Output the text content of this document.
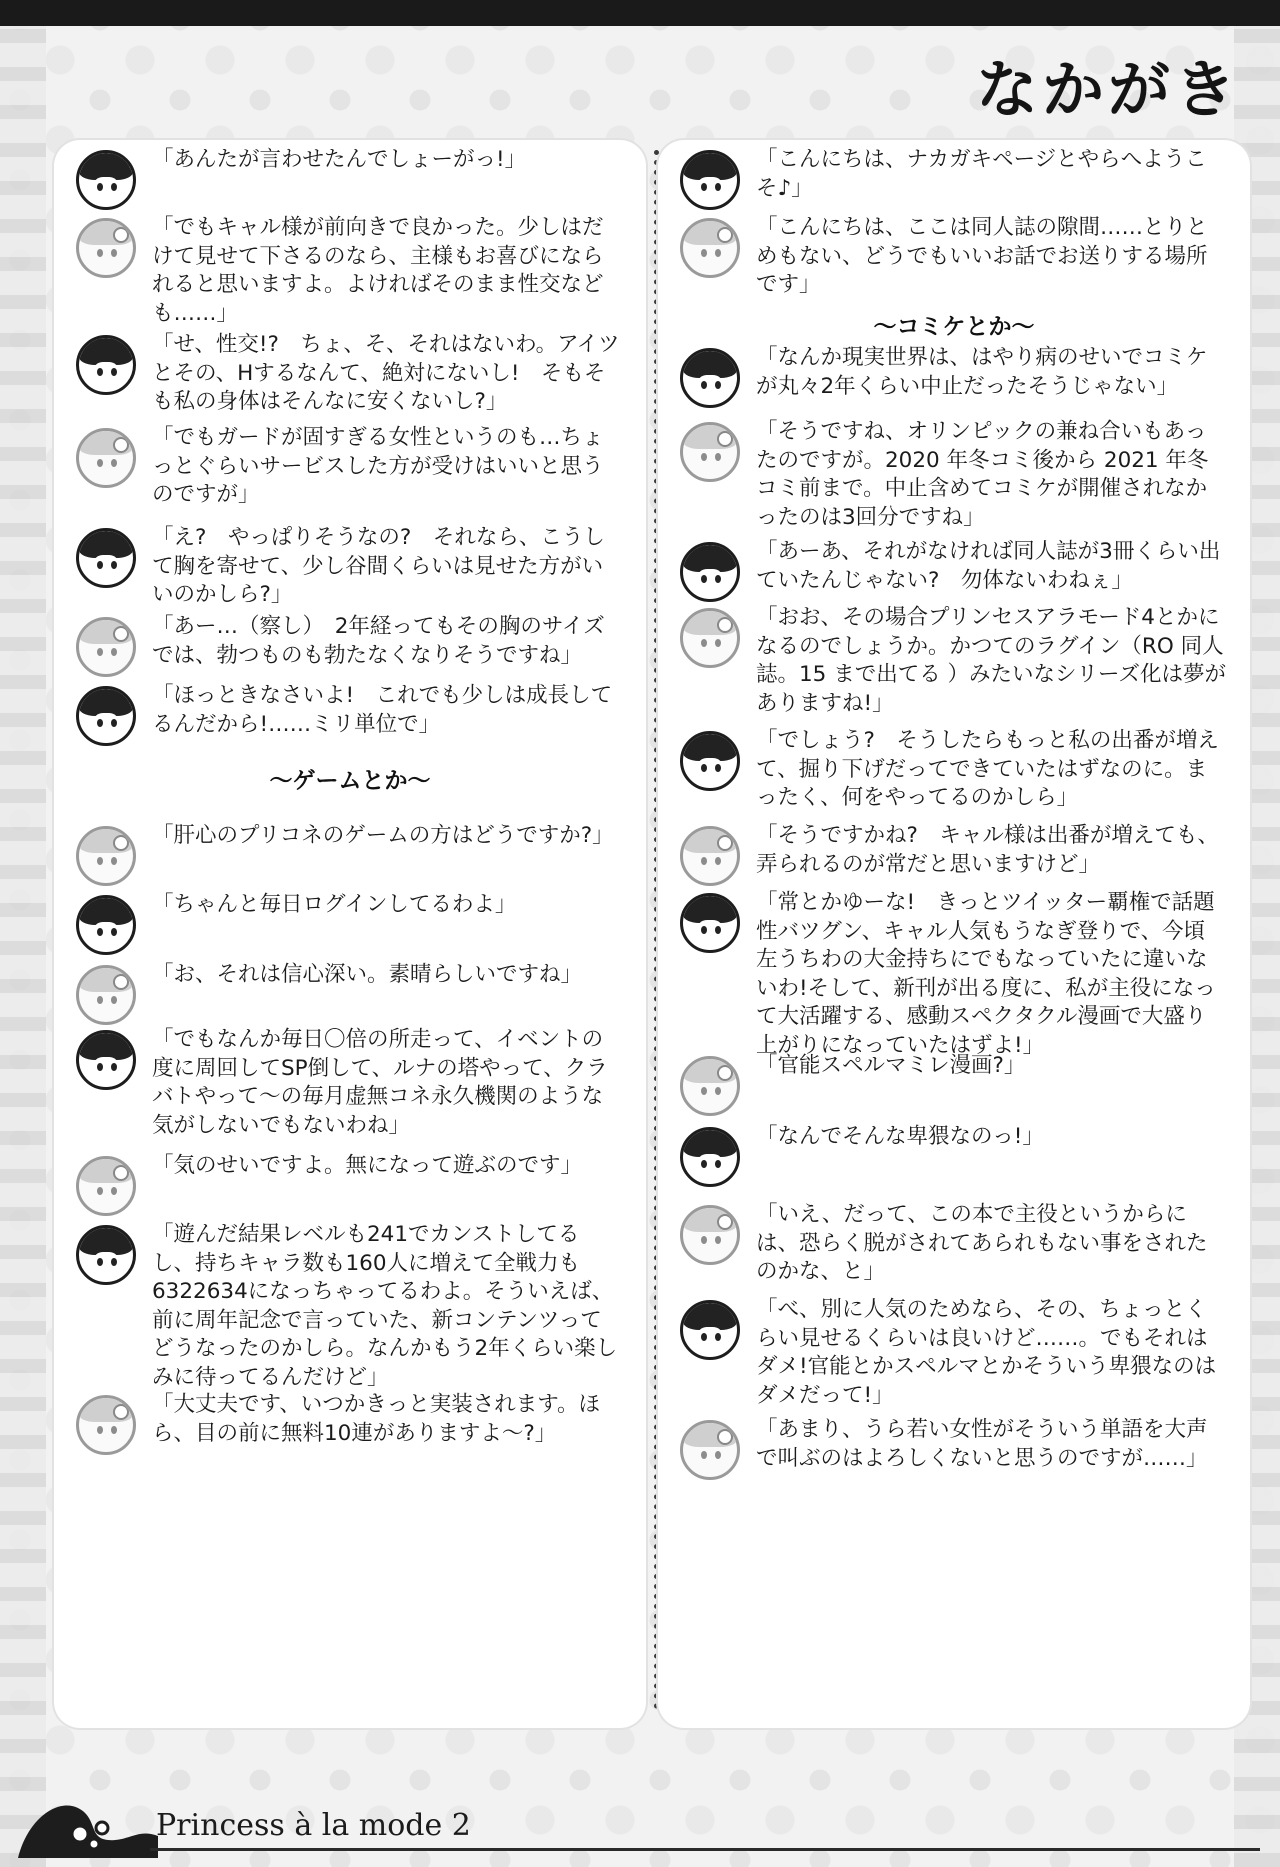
なかがき
「あんたが言わせたんでしょーがっ!」
「でもキャル様が前向きで良かった。少しはだけて見せて下さるのなら、主様もお喜びになられると思いますよ。よければそのまま性交なども……」
「せ、性交!?　ちょ、そ、それはないわ。アイツとその、Hするなんて、絶対にないし!　そもそも私の身体はそんなに安くないし?」
「でもガードが固すぎる女性というのも…ちょっとぐらいサービスした方が受けはいいと思うのですが」
「え?　やっぱりそうなの?　それなら、こうして胸を寄せて、少し谷間くらいは見せた方がいいのかしら?」
「あー…（察し）　2年経ってもその胸のサイズでは、勃つものも勃たなくなりそうですね」
「ほっときなさいよ!　これでも少しは成長してるんだから!……ミリ単位で」
〜ゲームとか〜
「肝心のプリコネのゲームの方はどうですか?」
「ちゃんと毎日ログインしてるわよ」
「お、それは信心深い。素晴らしいですね」
「でもなんか毎日〇倍の所走って、イベントの度に周回してSP倒して、ルナの塔やって、クラバトやって〜の毎月虚無コネ永久機関のような気がしないでもないわね」
「気のせいですよ。無になって遊ぶのです」
「遊んだ結果レベルも241でカンストしてるし、持ちキャラ数も160人に増えて全戦力も6322634になっちゃってるわよ。そういえば、前に周年記念で言っていた、新コンテンツってどうなったのかしら。なんかもう2年くらい楽しみに待ってるんだけど」
「大丈夫です、いつかきっと実装されます。ほら、目の前に無料10連がありますよ〜?」
「こんにちは、ナカガキページとやらへようこそ♪」
「こんにちは、ここは同人誌の隙間……とりとめもない、どうでもいいお話でお送りする場所です」
〜コミケとか〜
「なんか現実世界は、はやり病のせいでコミケが丸々2年くらい中止だったそうじゃない」
「そうですね、オリンピックの兼ね合いもあったのですが。2020 年冬コミ後から 2021 年冬コミ前まで。中止含めてコミケが開催されなかったのは3回分ですね」
「あーあ、それがなければ同人誌が3冊くらい出ていたんじゃない?　勿体ないわねぇ」
「おお、その場合プリンセスアラモード4とかになるのでしょうか。かつてのラグイン（RO 同人誌。15 まで出てる ）みたいなシリーズ化は夢がありますね!」
「でしょう?　そうしたらもっと私の出番が増えて、掘り下げだってできていたはずなのに。まったく、何をやってるのかしら」
「そうですかね?　キャル様は出番が増えても、弄られるのが常だと思いますけど」
「常とかゆーな!　きっとツイッター覇権で話題性バツグン、キャル人気もうなぎ登りで、今頃左うちわの大金持ちにでもなっていたに違いないわ!そして、新刊が出る度に、私が主役になって大活躍する、感動スペクタクル漫画で大盛り上がりになっていたはずよ!」
「官能スペルマミレ漫画?」
「なんでそんな卑猥なのっ!」
「いえ、だって、この本で主役というからには、恐らく脱がされてあられもない事をされたのかな、と」
「べ、別に人気のためなら、その、ちょっとくらい見せるくらいは良いけど……。でもそれはダメ!官能とかスペルマとかそういう卑猥なのはダメだって!」
「あまり、うら若い女性がそういう単語を大声で叫ぶのはよろしくないと思うのですが……」
Princess à la mode 2
